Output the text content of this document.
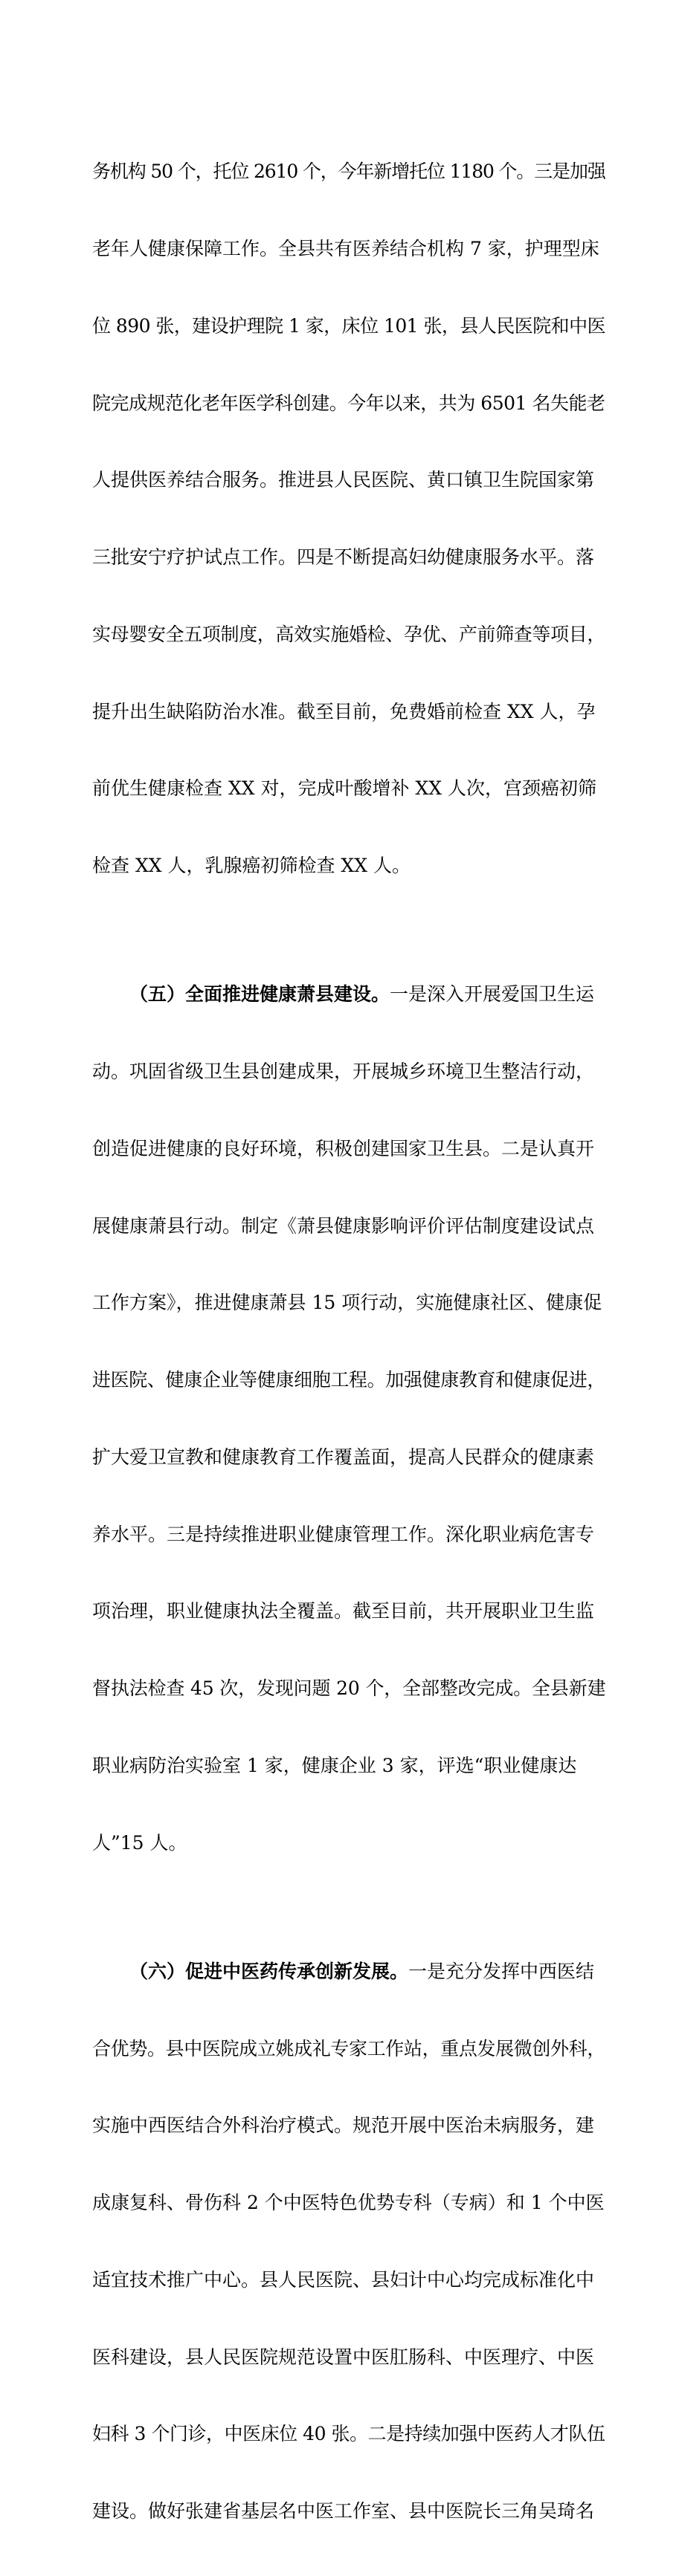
务机构 50 个，托位 2610 个，今年新增托位 1180 个。三是加强

老年人健康保障工作。全县共有医养结合机构 7 家，护理型床

位 890 张，建设护理院 1 家，床位 101 张，县人民医院和中医

院完成规范化老年医学科创建。今年以来，共为 6501 名失能老

人提供医养结合服务。推进县人民医院、黄口镇卫生院国家第

三批安宁疗护试点工作。四是不断提高妇幼健康服务水平。落

实母婴安全五项制度，高效实施婚检、孕优、产前筛查等项目，

提升出生缺陷防治水准。截至目前，免费婚前检查 XX 人，孕

前优生健康检查 XX 对，完成叶酸增补 XX 人次，宫颈癌初筛

检查 XX 人，乳腺癌初筛检查 XX 人。

（五）全面推进健康萧县建设。一是深入开展爱国卫生运

动。巩固省级卫生县创建成果，开展城乡环境卫生整洁行动，

创造促进健康的良好环境，积极创建国家卫生县。二是认真开

展健康萧县行动。制定《萧县健康影响评价评估制度建设试点

工作方案》，推进健康萧县 15 项行动，实施健康社区、健康促

进医院、健康企业等健康细胞工程。加强健康教育和健康促进，

扩大爱卫宣教和健康教育工作覆盖面，提高人民群众的健康素

养水平。三是持续推进职业健康管理工作。深化职业病危害专

项治理，职业健康执法全覆盖。截至目前，共开展职业卫生监

督执法检查 45 次，发现问题 20 个，全部整改完成。全县新建

职业病防治实验室 1 家，健康企业 3 家，评选“职业健康达

人”15 人。

（六）促进中医药传承创新发展。一是充分发挥中西医结

合优势。县中医院成立姚成礼专家工作站，重点发展微创外科，

实施中西医结合外科治疗模式。规范开展中医治未病服务，建

成康复科、骨伤科 2 个中医特色优势专科（专病）和 1 个中医

适宜技术推广中心。县人民医院、县妇计中心均完成标准化中

医科建设，县人民医院规范设置中医肛肠科、中医理疗、中医

妇科 3 个门诊，中医床位 40 张。二是持续加强中医药人才队伍

建设。做好张建省基层名中医工作室、县中医院长三角吴琦名
